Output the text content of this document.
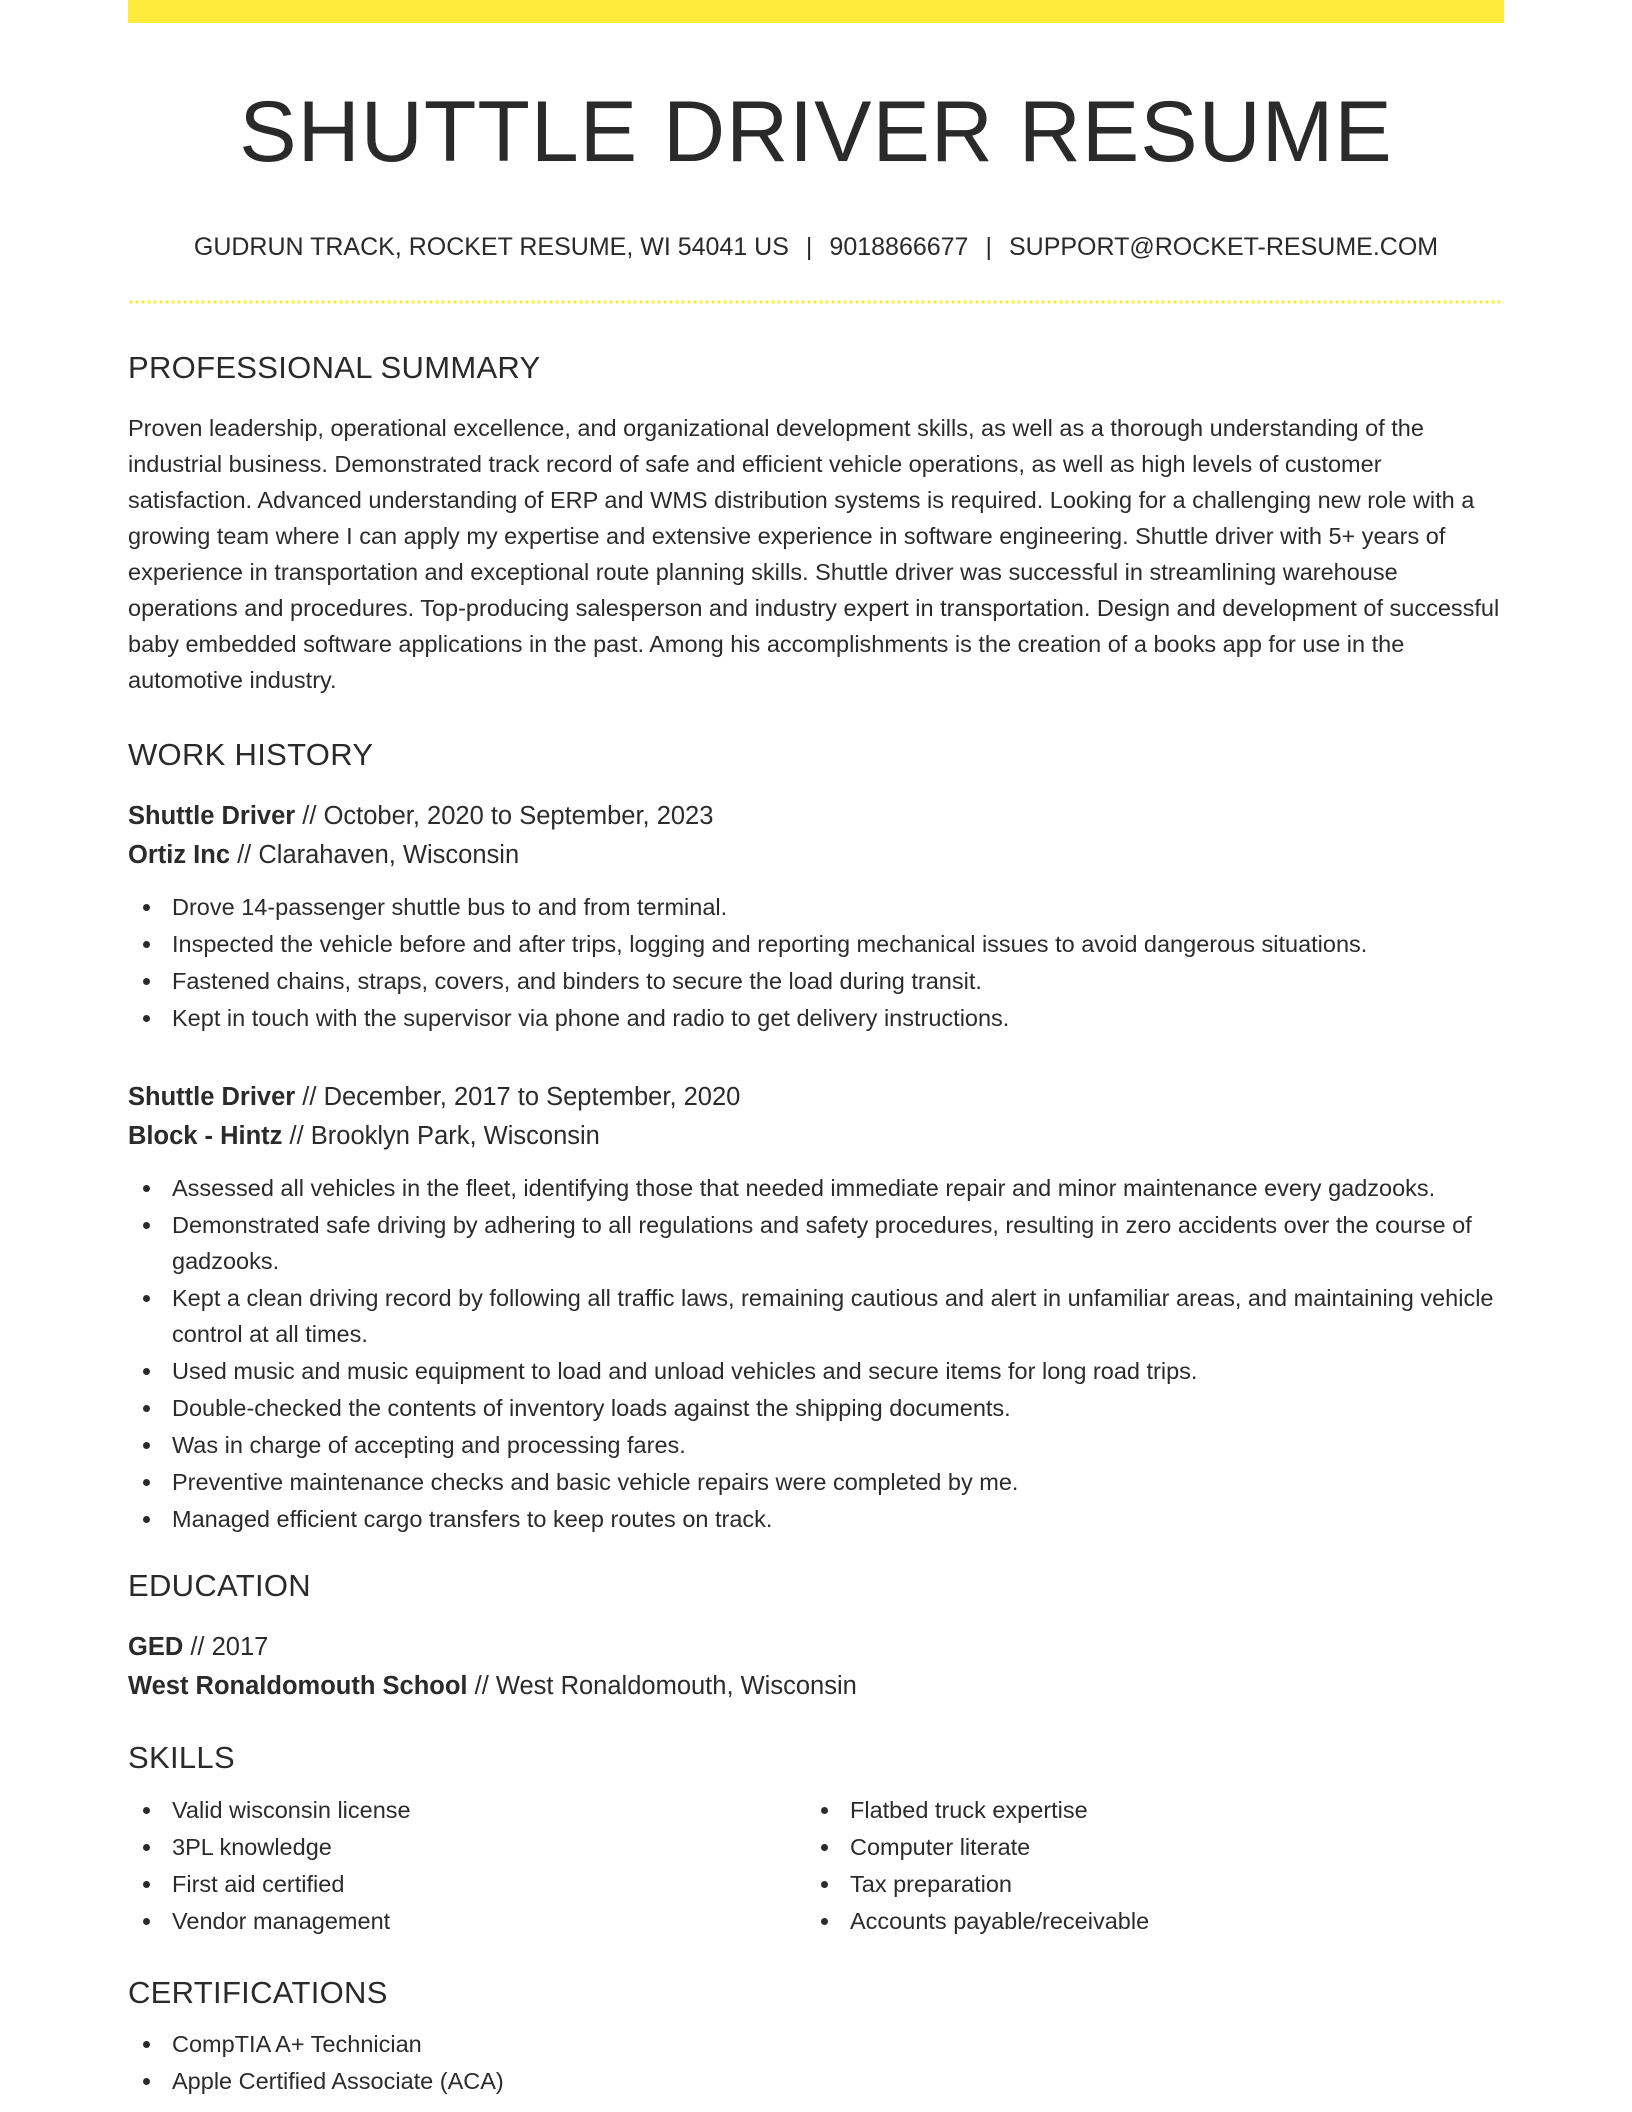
SHUTTLE DRIVER RESUME
GUDRUN TRACK, ROCKET RESUME, WI 54041 US | 9018866677 | SUPPORT@ROCKET-RESUME.COM
PROFESSIONAL SUMMARY

Proven leadership, operational excellence, and organizational development skills, as well as a thorough understanding of the industrial business. Demonstrated track record of safe and efficient vehicle operations, as well as high levels of customer satisfaction. Advanced understanding of ERP and WMS distribution systems is required. Looking for a challenging new role with a growing team where I can apply my expertise and extensive experience in software engineering. Shuttle driver with 5+ years of experience in transportation and exceptional route planning skills. Shuttle driver was successful in streamlining warehouse operations and procedures. Top-producing salesperson and industry expert in transportation. Design and development of successful baby embedded software applications in the past. Among his accomplishments is the creation of a books app for use in the automotive industry.

WORK HISTORY
Shuttle Driver // October, 2020 to September, 2023
Ortiz Inc // Clarahaven, Wisconsin
Drove 14-passenger shuttle bus to and from terminal.
Inspected the vehicle before and after trips, logging and reporting mechanical issues to avoid dangerous situations.
Fastened chains, straps, covers, and binders to secure the load during transit.
Kept in touch with the supervisor via phone and radio to get delivery instructions.
Shuttle Driver // December, 2017 to September, 2020
Block - Hintz // Brooklyn Park, Wisconsin
Assessed all vehicles in the fleet, identifying those that needed immediate repair and minor maintenance every gadzooks.
Demonstrated safe driving by adhering to all regulations and safety procedures, resulting in zero accidents over the course of gadzooks.
Kept a clean driving record by following all traffic laws, remaining cautious and alert in unfamiliar areas, and maintaining vehicle control at all times.
Used music and music equipment to load and unload vehicles and secure items for long road trips.
Double-checked the contents of inventory loads against the shipping documents.
Was in charge of accepting and processing fares.
Preventive maintenance checks and basic vehicle repairs were completed by me.
Managed efficient cargo transfers to keep routes on track.
EDUCATION
GED // 2017
West Ronaldomouth School // West Ronaldomouth, Wisconsin
SKILLS
Valid wisconsin license
3PL knowledge
First aid certified
Vendor management
Flatbed truck expertise
Computer literate
Tax preparation
Accounts payable/receivable
CERTIFICATIONS
CompTIA A+ Technician
Apple Certified Associate (ACA)
